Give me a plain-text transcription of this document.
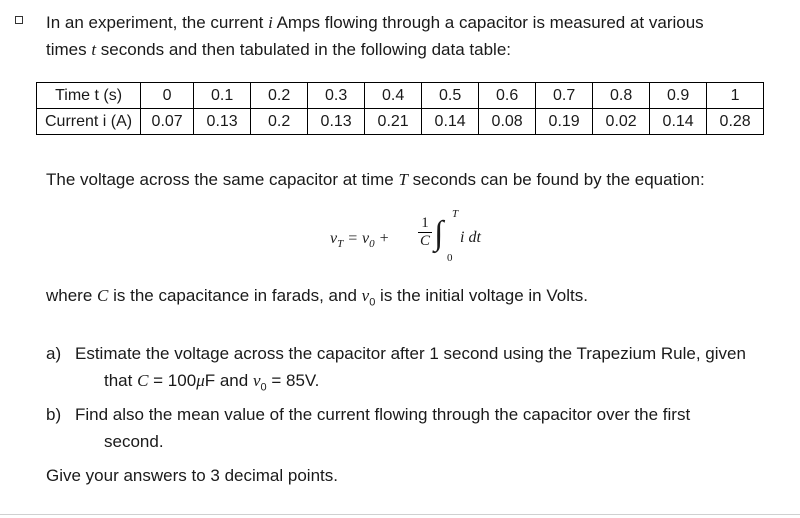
In an experiment, the current i Amps flowing through a capacitor is measured at various
times t seconds and then tabulated in the following data table:
Time t (s)	0	0.1	0.2	0.3	0.4	0.5	0.6	0.7	0.8	0.9	1
Current i (A)	0.07	0.13	0.2	0.13	0.21	0.14	0.08	0.19	0.02	0.14	0.28
The voltage across the same capacitor at time T seconds can be found by the equation:
$v_T = v_0$ +
1
C ∫
T
0
i dt
where C is the capacitance in farads, and $v_0$ is the initial voltage in Volts.
a) Estimate the voltage across the capacitor after 1 second using the Trapezium Rule, given
that C = 100μF and $v_0 = 85V$.
b) Find also the mean value of the current flowing through the capacitor over the first
second.
Give your answers to 3 decimal points.
